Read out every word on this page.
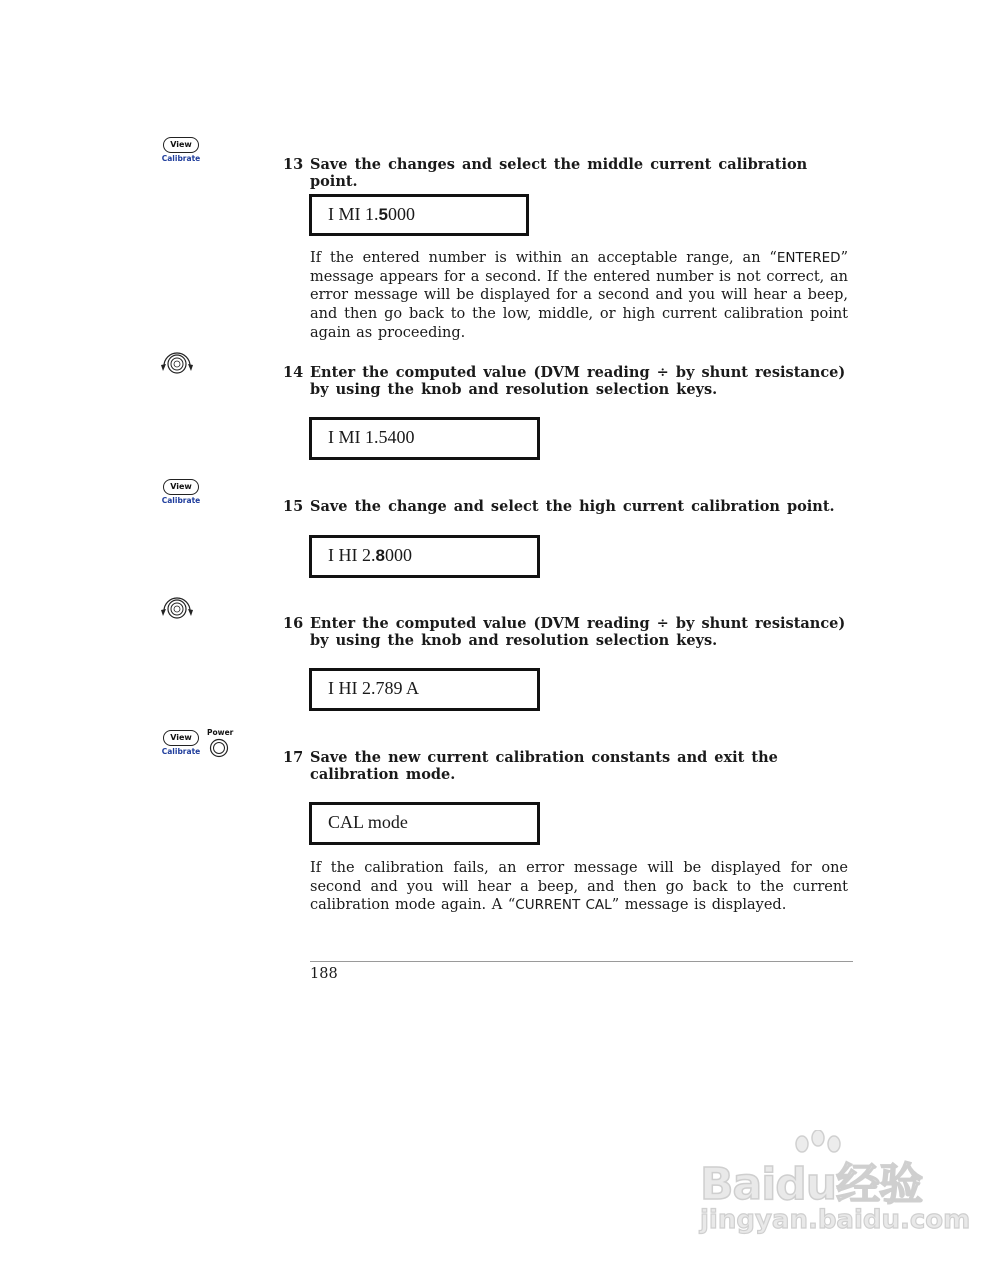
View
Calibrate	13 Save the changes and select the middle current calibration point.
I MI 1.5000
If the entered number is within an acceptable range, an “ENTERED” message appears for a second. If the entered number is not correct, an error message will be displayed for a second and you will hear a beep, and then go back to the low, middle, or high current calibration point again as proceeding.
14 Enter the computed value (DVM reading ÷ by shunt resistance) by using the knob and resolution selection keys.
I MI 1.5400
View
Calibrate	15 Save the change and select the high current calibration point.
I HI 2.8000
16 Enter the computed value (DVM reading ÷ by shunt resistance) by using the knob and resolution selection keys.
I HI 2.789 A
View
Calibrate
Power
17 Save the new current calibration constants and exit the calibration mode.
CAL mode
If the calibration fails, an error message will be displayed for one second and you will hear a beep, and then go back to the current calibration mode again. A “CURRENT CAL” message is displayed.
188
Baidu经验
jingyan.baidu.com
